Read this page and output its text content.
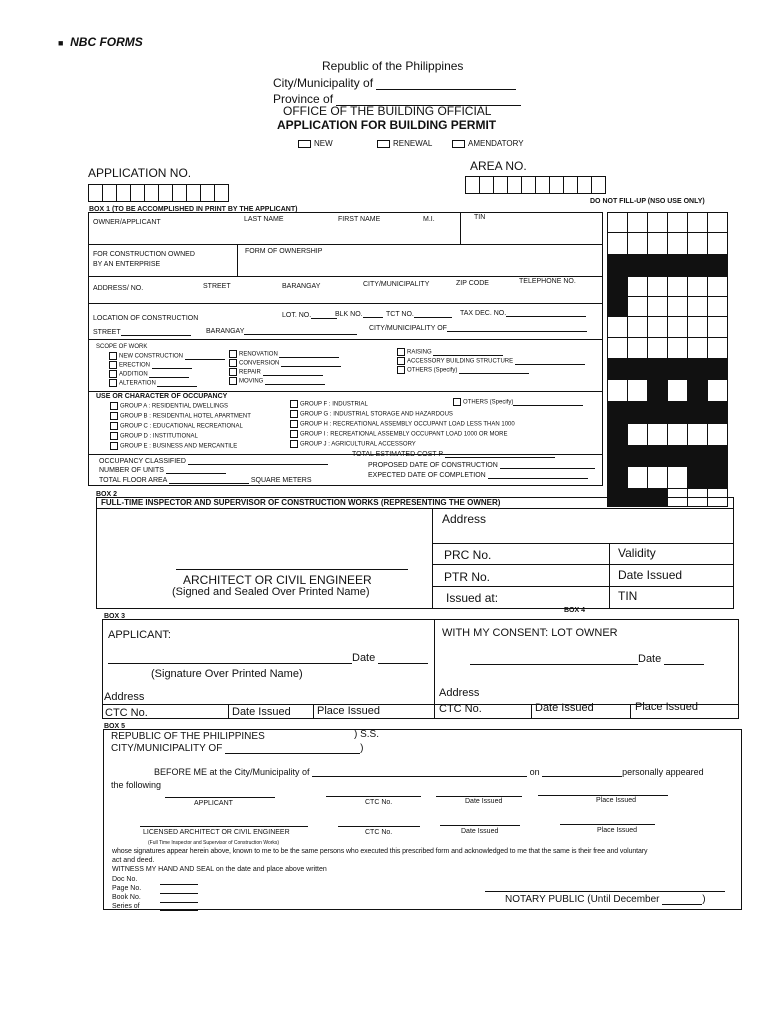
■ NBC FORMS
Republic of the Philippines
City/Municipality of
Province of
OFFICE OF THE BUILDING OFFICIAL
APPLICATION FOR BUILDING PERMIT
NEW	RENEWAL	AMENDATORY
APPLICATION NO.	AREA NO.
DO NOT FILL-UP (NSO USE ONLY)
BOX 1 (TO BE ACCOMPLISHED IN PRINT BY THE APPLICANT)
OWNER/APPLICANT	LAST NAME	FIRST NAME	M.I.	TIN
FOR CONSTRUCTION OWNED
BY AN ENTERPRISE
FORM OF OWNERSHIP
ADDRESS/ NO.	STREET	BARANGAY	CITY/MUNICIPALITY	ZIP CODE	TELEPHONE NO.
LOCATION OF CONSTRUCTION	LOT. NO.	BLK NO.	TCT NO.	TAX DEC. NO.
STREET	BARANGAY	CITY/MUNICIPALITY OF
SCOPE OF WORK
NEW CONSTRUCTION
ERECTION
ADDITION
ALTERATION
RENOVATION
CONVERSION
REPAIR
MOVING
RAISING
ACCESSORY BUILDING STRUCTURE
OTHERS (Specify)
USE OR CHARACTER OF OCCUPANCY
GROUP A : RESIDENTIAL DWELLINGS
GROUP B : RESIDENTIAL HOTEL APARTMENT
GROUP C : EDUCATIONAL RECREATIONAL
GROUP D : INSTITUTIONAL
GROUP E : BUSINESS AND MERCANTILE
GROUP F : INDUSTRIAL
GROUP G : INDUSTRIAL STORAGE AND HAZARDOUS
GROUP H : RECREATIONAL ASSEMBLY OCCUPANT LOAD LESS THAN 1000
GROUP I : RECREATIONAL ASSEMBLY OCCUPANT LOAD 1000 OR MORE
GROUP J : AGRICULTURAL ACCESSORY
OTHERS (Specify)
OCCUPANCY CLASSIFIED
NUMBER OF UNITS
TOTAL FLOOR AREA	SQUARE METERS
TOTAL ESTIMATED COST P
PROPOSED DATE OF CONSTRUCTION
EXPECTED DATE OF COMPLETION
BOX 2
FULL-TIME INSPECTOR AND SUPERVISOR OF CONSTRUCTION WORKS (REPRESENTING THE OWNER)
Address
PRC No.	Validity
PTR No.	Date Issued
Issued at:	TIN
ARCHITECT OR CIVIL ENGINEER
(Signed and Sealed Over Printed Name)
BOX 3
BOX 4
APPLICANT:
Date
(Signature Over Printed Name)
Address
CTC No.	Date Issued Place Issued
WITH MY CONSENT: LOT OWNER
Date
Address
CTC No.	Date Issued	Place Issued
BOX 5
REPUBLIC OF THE PHILIPPINES	) S.S.
CITY/MUNICIPALITY OF	)
BEFORE ME at the City/Municipality of	on	personally appeared
the following
APPLICANT	CTC No.	Date Issued	Place Issued
LICENSED ARCHITECT OR CIVIL ENGINEER	CTC No.	Date Issued	Place Issued
(Full Time Inspector and Supervisor of Construction Works)
whose signatures appear herein above, known to me to be the same persons who executed this prescribed form and acknowledged to me that the same is their free and voluntary
act and deed.
WITNESS MY HAND AND SEAL on the date and place above written
Doc No.
Page No.
Book No.
Series of
NOTARY PUBLIC (Until December	)
